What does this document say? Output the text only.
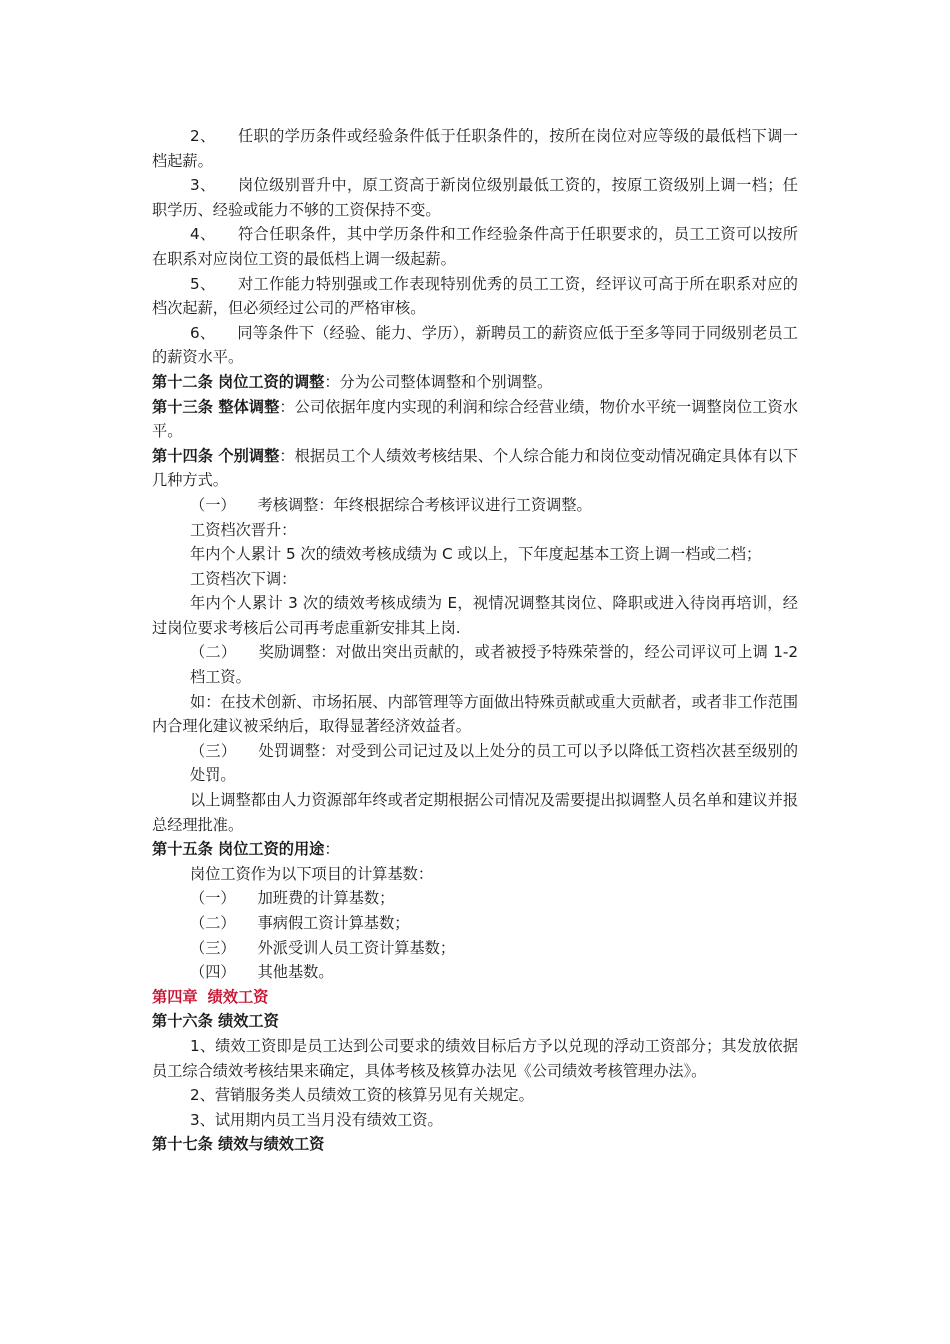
2、 任职的学历条件或经验条件低于任职条件的，按所在岗位对应等级的最低档下调一档起薪。

3、 岗位级别晋升中，原工资高于新岗位级别最低工资的，按原工资级别上调一档；任职学历、经验或能力不够的工资保持不变。

4、 符合任职条件，其中学历条件和工作经验条件高于任职要求的，员工工资可以按所在职系对应岗位工资的最低档上调一级起薪。

5、 对工作能力特别强或工作表现特别优秀的员工工资，经评议可高于所在职系对应的档次起薪，但必须经过公司的严格审核。

6、 同等条件下（经验、能力、学历），新聘员工的薪资应低于至多等同于同级别老员工的薪资水平。

第十二条 岗位工资的调整：分为公司整体调整和个别调整。

第十三条 整体调整：公司依据年度内实现的利润和综合经营业绩，物价水平统一调整岗位工资水平。

第十四条 个别调整：根据员工个人绩效考核结果、个人综合能力和岗位变动情况确定具体有以下几种方式。

（一） 考核调整：年终根据综合考核评议进行工资调整。

工资档次晋升：

年内个人累计 5 次的绩效考核成绩为 C 或以上，下年度起基本工资上调一档或二档；

工资档次下调：

年内个人累计 3 次的绩效考核成绩为 E，视情况调整其岗位、降职或进入待岗再培训，经过岗位要求考核后公司再考虑重新安排其上岗.

（二） 奖励调整：对做出突出贡献的，或者被授予特殊荣誉的，经公司评议可上调 1-2 档工资。

如：在技术创新、市场拓展、内部管理等方面做出特殊贡献或重大贡献者，或者非工作范围内合理化建议被采纳后，取得显著经济效益者。

（三） 处罚调整：对受到公司记过及以上处分的员工可以予以降低工资档次甚至级别的处罚。

以上调整都由人力资源部年终或者定期根据公司情况及需要提出拟调整人员名单和建议并报总经理批准。

第十五条 岗位工资的用途：

岗位工资作为以下项目的计算基数：

（一） 加班费的计算基数；

（二） 事病假工资计算基数；

（三） 外派受训人员工资计算基数；

（四） 其他基数。

第四章 绩效工资

第十六条 绩效工资

1、绩效工资即是员工达到公司要求的绩效目标后方予以兑现的浮动工资部分；其发放依据员工综合绩效考核结果来确定，具体考核及核算办法见《公司绩效考核管理办法》。

2、营销服务类人员绩效工资的核算另见有关规定。

3、试用期内员工当月没有绩效工资。

第十七条 绩效与绩效工资
